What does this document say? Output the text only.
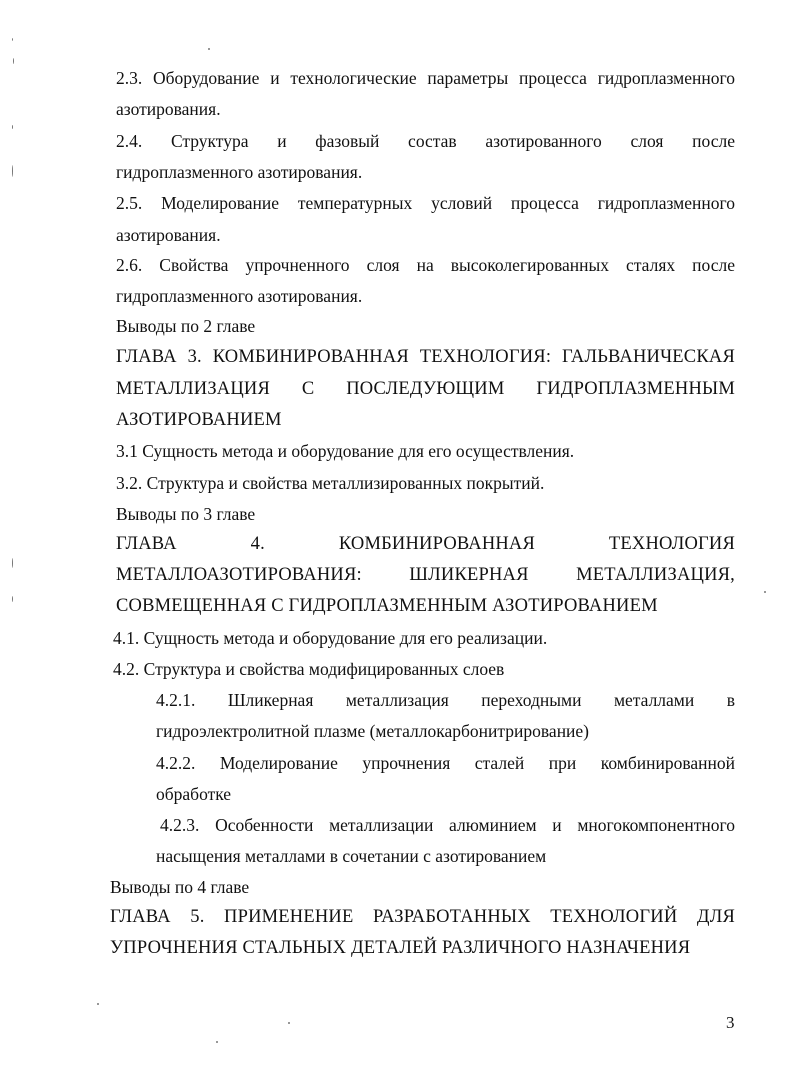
2.3. Оборудование и технологические параметры процесса гидроплазменного
азотирования.
2.4. Структура и фазовый состав азотированного слоя после
гидроплазменного азотирования.
2.5. Моделирование температурных условий процесса гидроплазменного
азотирования.
2.6. Свойства упрочненного слоя на высоколегированных сталях после
гидроплазменного азотирования.
Выводы по 2 главе
ГЛАВА 3. КОМБИНИРОВАННАЯ ТЕХНОЛОГИЯ: ГАЛЬВАНИЧЕСКАЯ
МЕТАЛЛИЗАЦИЯ С ПОСЛЕДУЮЩИМ ГИДРОПЛАЗМЕННЫМ
АЗОТИРОВАНИЕМ
3.1 Сущность метода и оборудование для его осуществления.
3.2. Структура и свойства металлизированных покрытий.
Выводы по 3 главе
ГЛАВА 4. КОМБИНИРОВАННАЯ ТЕХНОЛОГИЯ
МЕТАЛЛОАЗОТИРОВАНИЯ: ШЛИКЕРНАЯ МЕТАЛЛИЗАЦИЯ,
СОВМЕЩЕННАЯ С ГИДРОПЛАЗМЕННЫМ АЗОТИРОВАНИЕМ
4.1. Сущность метода и оборудование для его реализации.
4.2. Структура и свойства модифицированных слоев
4.2.1. Шликерная металлизация переходными металлами в
гидроэлектролитной плазме (металлокарбонитрирование)
4.2.2. Моделирование упрочнения сталей при комбинированной
обработке
4.2.3. Особенности металлизации алюминием и многокомпонентного
насыщения металлами в сочетании с азотированием
Выводы по 4 главе
ГЛАВА 5. ПРИМЕНЕНИЕ РАЗРАБОТАННЫХ ТЕХНОЛОГИЙ ДЛЯ
УПРОЧНЕНИЯ СТАЛЬНЫХ ДЕТАЛЕЙ РАЗЛИЧНОГО НАЗНАЧЕНИЯ
3
